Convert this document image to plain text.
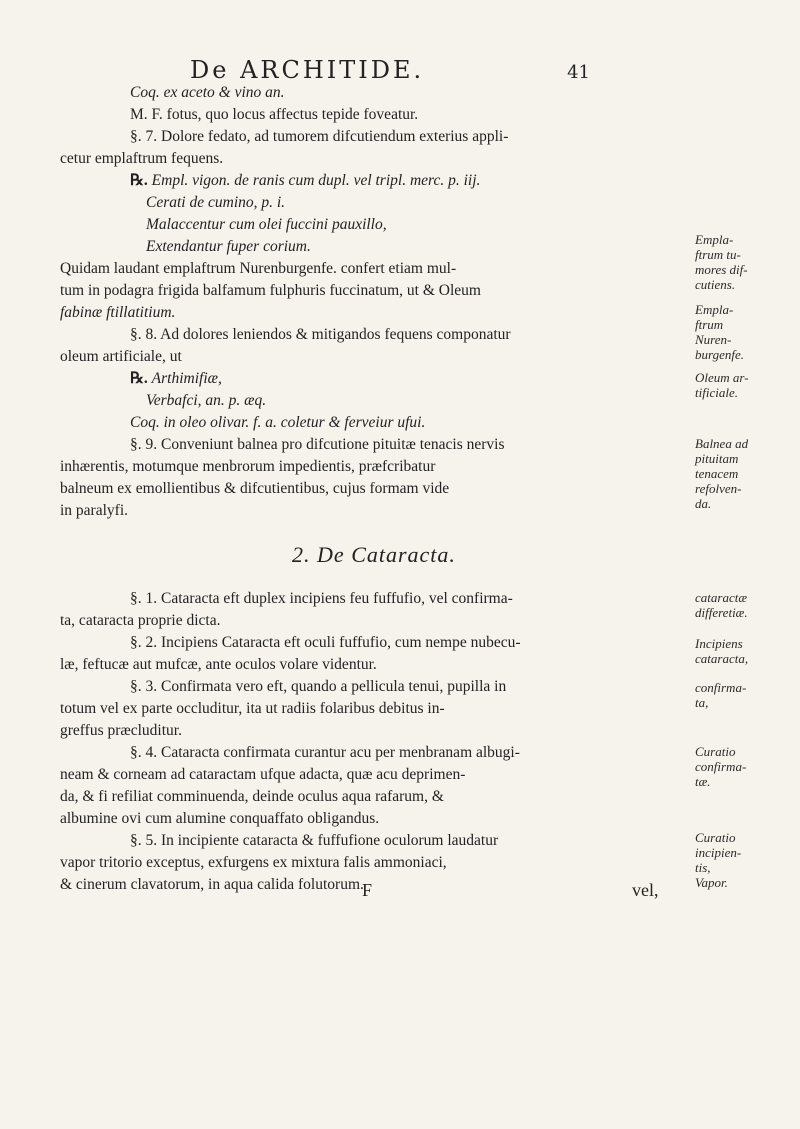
De ARCHITIDE.	41

Coq. ex aceto & vino an.

M. F. fotus, quo locus affectus tepide foveatur.

§. 7. Dolore fedato, ad tumorem difcutiendum exterius appli-

cetur emplaftrum fequens.

℞. Empl. vigon. de ranis cum dupl. vel tripl. merc. p. iij.

Cerati de cumino, p. i.

Malaccentur cum olei fuccini pauxillo,

Extendantur fuper corium.

Quidam laudant emplaftrum Nurenburgenfe. confert etiam mul-

tum in podagra frigida balfamum fulphuris fuccinatum, ut & Oleum

fabinæ ftillatitium.

§. 8. Ad dolores leniendos & mitigandos fequens componatur

oleum artificiale, ut

℞. Arthimifiæ,

Verbafci, an. p. æq.

Coq. in oleo olivar. f. a. coletur & ferveiur ufui.

§. 9. Conveniunt balnea pro difcutione pituitæ tenacis nervis

inhærentis, motumque menbrorum impedientis, præfcribatur

balneum ex emollientibus & difcutientibus, cujus formam vide

in paralyfi.

2. De Cataracta.

§. 1. Cataracta eft duplex incipiens feu fuffufio, vel confirma-

ta, cataracta proprie dicta.

§. 2. Incipiens Cataracta eft oculi fuffufio, cum nempe nubecu-

læ, feftucæ aut mufcæ, ante oculos volare videntur.

§. 3. Confirmata vero eft, quando a pellicula tenui, pupilla in

totum vel ex parte occluditur, ita ut radiis folaribus debitus in-

greffus præcluditur.

§. 4. Cataracta confirmata curantur acu per menbranam albugi-

neam & corneam ad cataractam ufque adacta, quæ acu deprimen-

da, & fi refiliat comminuenda, deinde oculus aqua rafarum, &

albumine ovi cum alumine conquaffato obligandus.

§. 5. In incipiente cataracta & fuffufione oculorum laudatur

vapor tritorio exceptus, exfurgens ex mixtura falis ammoniaci,

& cinerum clavatorum, in aqua calida folutorum.

Empla-
ftrum tu-
mores dif-
cutiens.
Empla-
ftrum
Nuren-
burgenfe.
Oleum ar-
tificiale.
Balnea ad
pituitam
tenacem
refolven-
da.
cataractæ
differetiæ.
Incipiens
cataracta,
confirma-
ta,
Curatio
confirma-
tæ.
Curatio
incipien-
tis,
Vapor.
F	vel,
